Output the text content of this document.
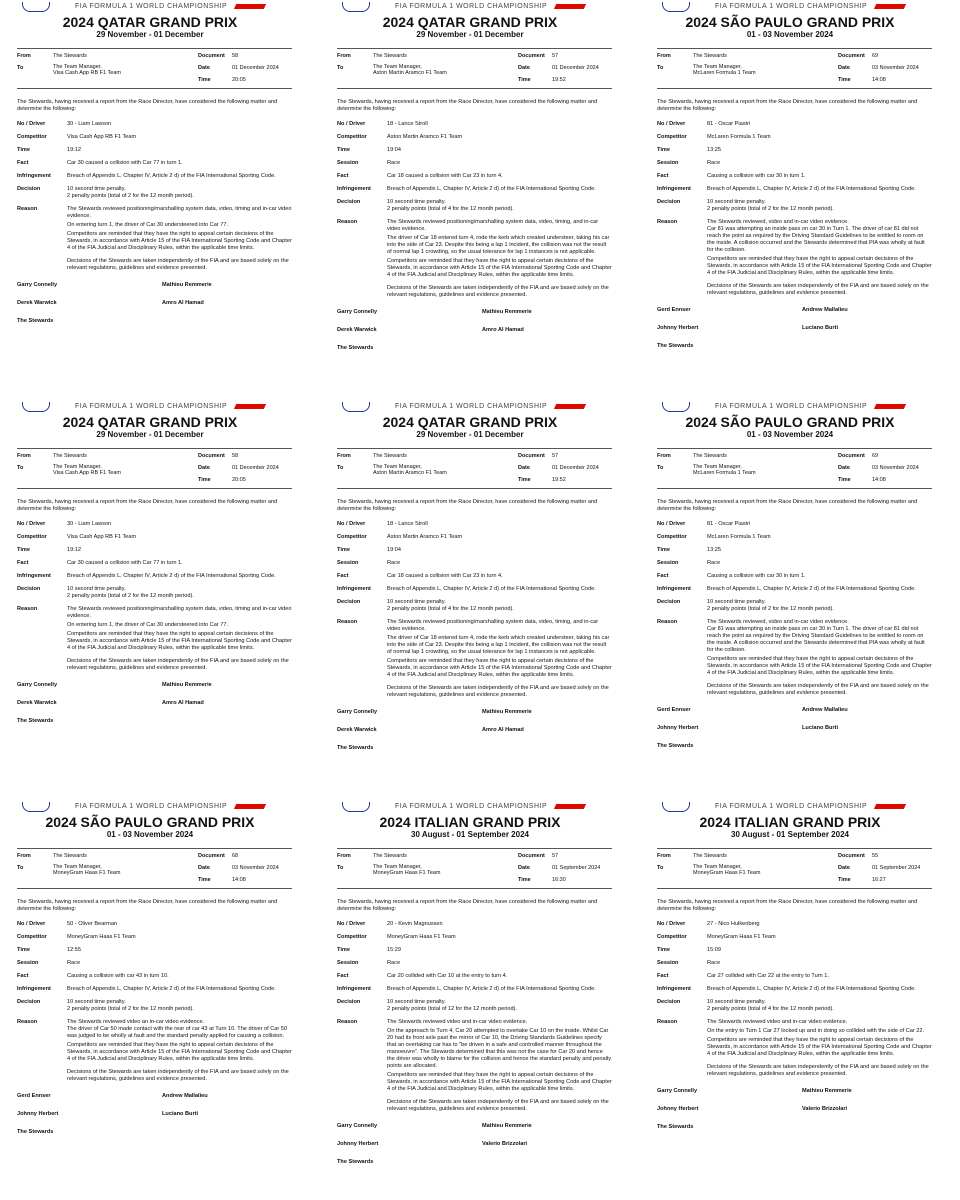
FIA FORMULA 1 WORLD CHAMPIONSHIP
2024 QATAR GRAND PRIX
29 November - 01 December
From	The Stewards
To	The Team Manager,
Visa Cash App RB F1 Team
Document 58
Date	01 December 2024
Time	20:05
The Stewards, having received a report from the Race Director, have considered the following matter and determine the following:
No / Driver	30 - Liam Lawson
Competitor	Visa Cash App RB F1 Team
Time	19:12
Fact	Car 30 caused a collision with Car 77 in turn 1.
Infringement	Breach of Appendix L, Chapter IV, Article 2 d) of the FIA International Sporting Code.
Decision	10 second time penalty.
2 penalty points (total of 2 for the 12 month period).
Reason	The Stewards reviewed positioning/marshalling system data, video, timing and in-car video evidence.

On entering turn 1, the driver of Car 30 understeered into Car 77.

Competitors are reminded that they have the right to appeal certain decisions of the Stewards, in accordance with Article 15 of the FIA International Sporting Code and Chapter 4 of the FIA Judicial and Disciplinary Rules, within the applicable time limits.

Decisions of the Stewards are taken independently of the FIA and are based solely on the relevant regulations, guidelines and evidence presented.

Garry Connelly	Mathieu Remmerie
Derek Warwick	Amro Al Hamad
The Stewards
FIA FORMULA 1 WORLD CHAMPIONSHIP
2024 QATAR GRAND PRIX
29 November - 01 December
From	The Stewards
To	The Team Manager,
Aston Martin Aramco F1 Team
Document 57
Date	01 December 2024
Time	19:52
The Stewards, having received a report from the Race Director, have considered the following matter and determine the following:
No / Driver	18 - Lance Stroll
Competitor	Aston Martin Aramco F1 Team
Time	19:04
Session	Race
Fact	Car 18 caused a collision with Car 23 in turn 4.
Infringement	Breach of Appendix L, Chapter IV, Article 2 d) of the FIA International Sporting Code.
Decision	10 second time penalty.
2 penalty points (total of 4 for the 12 month period).
Reason	The Stewards reviewed positioning/marshalling system data, video, timing, and in-car video evidence.

The driver of Car 18 entered turn 4, rode the kerb which created understeer, taking his car into the side of Car 23. Despite this being a lap 1 incident, the collision was not the result of normal lap 1 crowding, so the usual tolerance for lap 1 instances is not applicable.

Competitors are reminded that they have the right to appeal certain decisions of the Stewards, in accordance with Article 15 of the FIA International Sporting Code and Chapter 4 of the FIA Judicial and Disciplinary Rules, within the applicable time limits.

Decisions of the Stewards are taken independently of the FIA and are based solely on the relevant regulations, guidelines and evidence presented.

Garry Connelly	Mathieu Remmerie
Derek Warwick	Amro Al Hamad
The Stewards
FIA FORMULA 1 WORLD CHAMPIONSHIP
2024 SÃO PAULO GRAND PRIX
01 - 03 November 2024
From	The Stewards
To	The Team Manager,
McLaren Formula 1 Team
Document 69
Date	03 November 2024
Time	14:08
The Stewards, having received a report from the Race Director, have considered the following matter and determine the following:
No / Driver	81 - Oscar Piastri
Competitor	McLaren Formula 1 Team
Time	13:25
Session	Race
Fact	Causing a collision with car 30 in turn 1.
Infringement	Breach of Appendix L, Chapter IV, Article 2 d) of the FIA International Sporting Code.
Decision	10 second time penalty.
2 penalty points (total of 2 for the 12 month period).
Reason	The Stewards reviewed, video and in-car video evidence.
Car 81 was attempting an inside pass on car 30 in Turn 1. The driver of car 81 did not reach the point as required by the Driving Standard Guidelines to be entitled to room on the inside. A collision occurred and the Stewards determined that PIA was wholly at fault for the collision.

Competitors are reminded that they have the right to appeal certain decisions of the Stewards, in accordance with Article 15 of the FIA International Sporting Code and Chapter 4 of the FIA Judicial and Disciplinary Rules, within the applicable time limits.

Decisions of the Stewards are taken independently of the FIA and are based solely on the relevant regulations, guidelines and evidence presented.

Gerd Ennser	Andrew Mallalieu
Johnny Herbert	Luciano Burti
The Stewards
FIA FORMULA 1 WORLD CHAMPIONSHIP
2024 QATAR GRAND PRIX
29 November - 01 December
From	The Stewards
To	The Team Manager,
Visa Cash App RB F1 Team
Document 58
Date	01 December 2024
Time	20:05
The Stewards, having received a report from the Race Director, have considered the following matter and determine the following:
No / Driver	30 - Liam Lawson
Competitor	Visa Cash App RB F1 Team
Time	19:12
Fact	Car 30 caused a collision with Car 77 in turn 1.
Infringement	Breach of Appendix L, Chapter IV, Article 2 d) of the FIA International Sporting Code.
Decision	10 second time penalty.
2 penalty points (total of 2 for the 12 month period).
Reason	The Stewards reviewed positioning/marshalling system data, video, timing and in-car video evidence.

On entering turn 1, the driver of Car 30 understeered into Car 77.

Competitors are reminded that they have the right to appeal certain decisions of the Stewards, in accordance with Article 15 of the FIA International Sporting Code and Chapter 4 of the FIA Judicial and Disciplinary Rules, within the applicable time limits.

Decisions of the Stewards are taken independently of the FIA and are based solely on the relevant regulations, guidelines and evidence presented.

Garry Connelly	Mathieu Remmerie
Derek Warwick	Amro Al Hamad
The Stewards
FIA FORMULA 1 WORLD CHAMPIONSHIP
2024 QATAR GRAND PRIX
29 November - 01 December
From	The Stewards
To	The Team Manager,
Aston Martin Aramco F1 Team
Document 57
Date	01 December 2024
Time	19:52
The Stewards, having received a report from the Race Director, have considered the following matter and determine the following:
No / Driver	18 - Lance Stroll
Competitor	Aston Martin Aramco F1 Team
Time	19:04
Session	Race
Fact	Car 18 caused a collision with Car 23 in turn 4.
Infringement	Breach of Appendix L, Chapter IV, Article 2 d) of the FIA International Sporting Code.
Decision	10 second time penalty.
2 penalty points (total of 4 for the 12 month period).
Reason	The Stewards reviewed positioning/marshalling system data, video, timing, and in-car video evidence.

The driver of Car 18 entered turn 4, rode the kerb which created understeer, taking his car into the side of Car 23. Despite this being a lap 1 incident, the collision was not the result of normal lap 1 crowding, so the usual tolerance for lap 1 instances is not applicable.

Competitors are reminded that they have the right to appeal certain decisions of the Stewards, in accordance with Article 15 of the FIA International Sporting Code and Chapter 4 of the FIA Judicial and Disciplinary Rules, within the applicable time limits.

Decisions of the Stewards are taken independently of the FIA and are based solely on the relevant regulations, guidelines and evidence presented.

Garry Connelly	Mathieu Remmerie
Derek Warwick	Amro Al Hamad
The Stewards
FIA FORMULA 1 WORLD CHAMPIONSHIP
2024 SÃO PAULO GRAND PRIX
01 - 03 November 2024
From	The Stewards
To	The Team Manager,
McLaren Formula 1 Team
Document 69
Date	03 November 2024
Time	14:08
The Stewards, having received a report from the Race Director, have considered the following matter and determine the following:
No / Driver	81 - Oscar Piastri
Competitor	McLaren Formula 1 Team
Time	13:25
Session	Race
Fact	Causing a collision with car 30 in turn 1.
Infringement	Breach of Appendix L, Chapter IV, Article 2 d) of the FIA International Sporting Code.
Decision	10 second time penalty.
2 penalty points (total of 2 for the 12 month period).
Reason	The Stewards reviewed, video and in-car video evidence.
Car 81 was attempting an inside pass on car 30 in Turn 1. The driver of car 81 did not reach the point as required by the Driving Standard Guidelines to be entitled to room on the inside. A collision occurred and the Stewards determined that PIA was wholly at fault for the collision.

Competitors are reminded that they have the right to appeal certain decisions of the Stewards, in accordance with Article 15 of the FIA International Sporting Code and Chapter 4 of the FIA Judicial and Disciplinary Rules, within the applicable time limits.

Decisions of the Stewards are taken independently of the FIA and are based solely on the relevant regulations, guidelines and evidence presented.

Gerd Ennser	Andrew Mallalieu
Johnny Herbert	Luciano Burti
The Stewards
FIA FORMULA 1 WORLD CHAMPIONSHIP
2024 SÃO PAULO GRAND PRIX
01 - 03 November 2024
From	The Stewards
To	The Team Manager,
MoneyGram Haas F1 Team
Document 68
Date	03 November 2024
Time	14:08
The Stewards, having received a report from the Race Director, have considered the following matter and determine the following:
No / Driver	50 - Oliver Bearman
Competitor	MoneyGram Haas F1 Team
Time	12:55
Session	Race
Fact	Causing a collision with car 43 in turn 10.
Infringement	Breach of Appendix L, Chapter IV, Article 2 d) of the FIA International Sporting Code.
Decision	10 second time penalty.
2 penalty points (total of 2 for the 12 month period).
Reason	The Stewards reviewed video an in-car video evidence.
The driver of Car 50 made contact with the rear of car 43 at Turn 10. The driver of Car 50 was judged to be wholly at fault and the standard penalty applied for causing a collision.

Competitors are reminded that they have the right to appeal certain decisions of the Stewards, in accordance with Article 15 of the FIA International Sporting Code and Chapter 4 of the FIA Judicial and Disciplinary Rules, within the applicable time limits.

Decisions of the Stewards are taken independently of the FIA and are based solely on the relevant regulations, guidelines and evidence presented.

Gerd Ennser	Andrew Mallalieu
Johnny Herbert	Luciano Burti
The Stewards
FIA FORMULA 1 WORLD CHAMPIONSHIP
2024 ITALIAN GRAND PRIX
30 August - 01 September 2024
From	The Stewards
To	The Team Manager,
MoneyGram Haas F1 Team
Document 57
Date	01 September 2024
Time	16:30
The Stewards, having received a report from the Race Director, have considered the following matter and determine the following:
No / Driver	20 - Kevin Magnussen
Competitor	MoneyGram Haas F1 Team
Time	15:29
Session	Race
Fact	Car 20 collided with Car 10 at the entry to turn 4.
Infringement	Breach of Appendix L, Chapter IV, Article 2 d) of the FIA International Sporting Code.
Decision	10 second time penalty.
2 penalty points (total of 12 for the 12 month period).
Reason	The Stewards reviewed video and in-car video evidence.

On the approach to Turn 4, Car 20 attempted to overtake Car 10 on the inside. Whilst Car 20 had its front axle past the mirror of Car 10, the Driving Standards Guidelines specify that an overtaking car has to "be driven in a safe and controlled manner throughout the manoeuvre". The Stewards determined that this was not the case for Car 20 and hence the driver was wholly to blame for the collision and hence the standard penalty and penalty points are allocated.

Competitors are reminded that they have the right to appeal certain decisions of the Stewards, in accordance with Article 15 of the FIA International Sporting Code and Chapter 4 of the FIA Judicial and Disciplinary Rules, within the applicable time limits.

Decisions of the Stewards are taken independently of the FIA and are based solely on the relevant regulations, guidelines and evidence presented.

Garry Connelly	Mathieu Remmerie
Johnny Herbert	Valerio Brizzolari
The Stewards
FIA FORMULA 1 WORLD CHAMPIONSHIP
2024 ITALIAN GRAND PRIX
30 August - 01 September 2024
From	The Stewards
To	The Team Manager,
MoneyGram Haas F1 Team
Document 55
Date	01 September 2024
Time	16:27
The Stewards, having received a report from the Race Director, have considered the following matter and determine the following:
No / Driver	27 - Nico Hulkenberg
Competitor	MoneyGram Haas F1 Team
Time	15:09
Session	Race
Fact	Car 27 collided with Car 22 at the entry to Turn 1.
Infringement	Breach of Appendix L, Chapter IV, Article 2 d) of the FIA International Sporting Code.
Decision	10 second time penalty.
2 penalty points (total of 4 for the 12 month period).
Reason	The Stewards reviewed video and in-car video evidence.

On the entry to Turn 1 Car 27 locked up and in doing so collided with the side of Car 22.

Competitors are reminded that they have the right to appeal certain decisions of the Stewards, in accordance with Article 15 of the FIA International Sporting Code and Chapter 4 of the FIA Judicial and Disciplinary Rules, within the applicable time limits.

Decisions of the Stewards are taken independently of the FIA and are based solely on the relevant regulations, guidelines and evidence presented.

Garry Connelly	Mathieu Remmerie
Johnny Herbert	Valerio Brizzolari
The Stewards
